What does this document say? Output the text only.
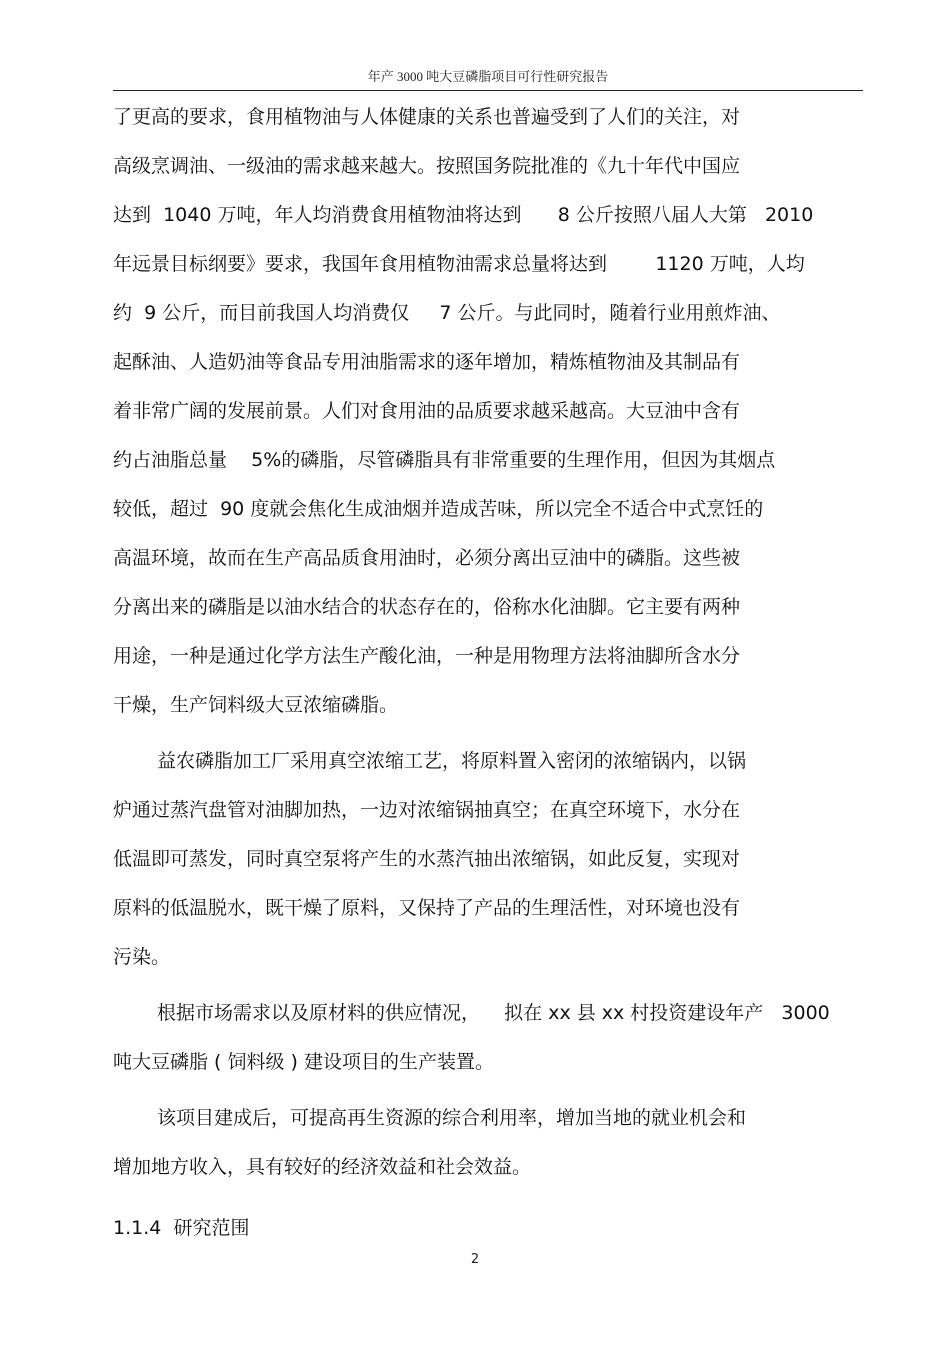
年产 3000 吨大豆磷脂项目可行性研究报告
了更高的要求，食用植物油与人体健康的关系也普遍受到了人们的关注，对
高级烹调油、一级油的需求越来越大。按照国务院批准的《九十年代中国应
达到  1040 万吨，年人均消费食用植物油将达到      8 公斤按照八届人大第   2010
年远景目标纲要》要求，我国年食用植物油需求总量将达到        1120 万吨，人均
约  9 公斤，而目前我国人均消费仅     7 公斤。与此同时，随着行业用煎炸油、
起酥油、人造奶油等食品专用油脂需求的逐年增加，精炼植物油及其制品有
着非常广阔的发展前景。人们对食用油的品质要求越采越高。大豆油中含有
约占油脂总量    5%的磷脂，尽管磷脂具有非常重要的生理作用，但因为其烟点
较低，超过  90 度就会焦化生成油烟并造成苦味，所以完全不适合中式烹饪的
高温环境，故而在生产高品质食用油时，必须分离出豆油中的磷脂。这些被
分离出来的磷脂是以油水结合的状态存在的，俗称水化油脚。它主要有两种
用途，一种是通过化学方法生产酸化油，一种是用物理方法将油脚所含水分
干燥，生产饲料级大豆浓缩磷脂。
益农磷脂加工厂采用真空浓缩工艺，将原料置入密闭的浓缩锅内，以锅
炉通过蒸汽盘管对油脚加热，一边对浓缩锅抽真空；在真空环境下，水分在
低温即可蒸发，同时真空泵将产生的水蒸汽抽出浓缩锅，如此反复，实现对
原料的低温脱水，既干燥了原料，又保持了产品的生理活性，对环境也没有
污染。
根据市场需求以及原材料的供应情况，    拟在 xx 县 xx 村投资建设年产   3000
吨大豆磷脂 ( 饲料级 ) 建设项目的生产装置。
该项目建成后，可提高再生资源的综合利用率，增加当地的就业机会和
增加地方收入，具有较好的经济效益和社会效益。
1.1.4 研究范围
2
